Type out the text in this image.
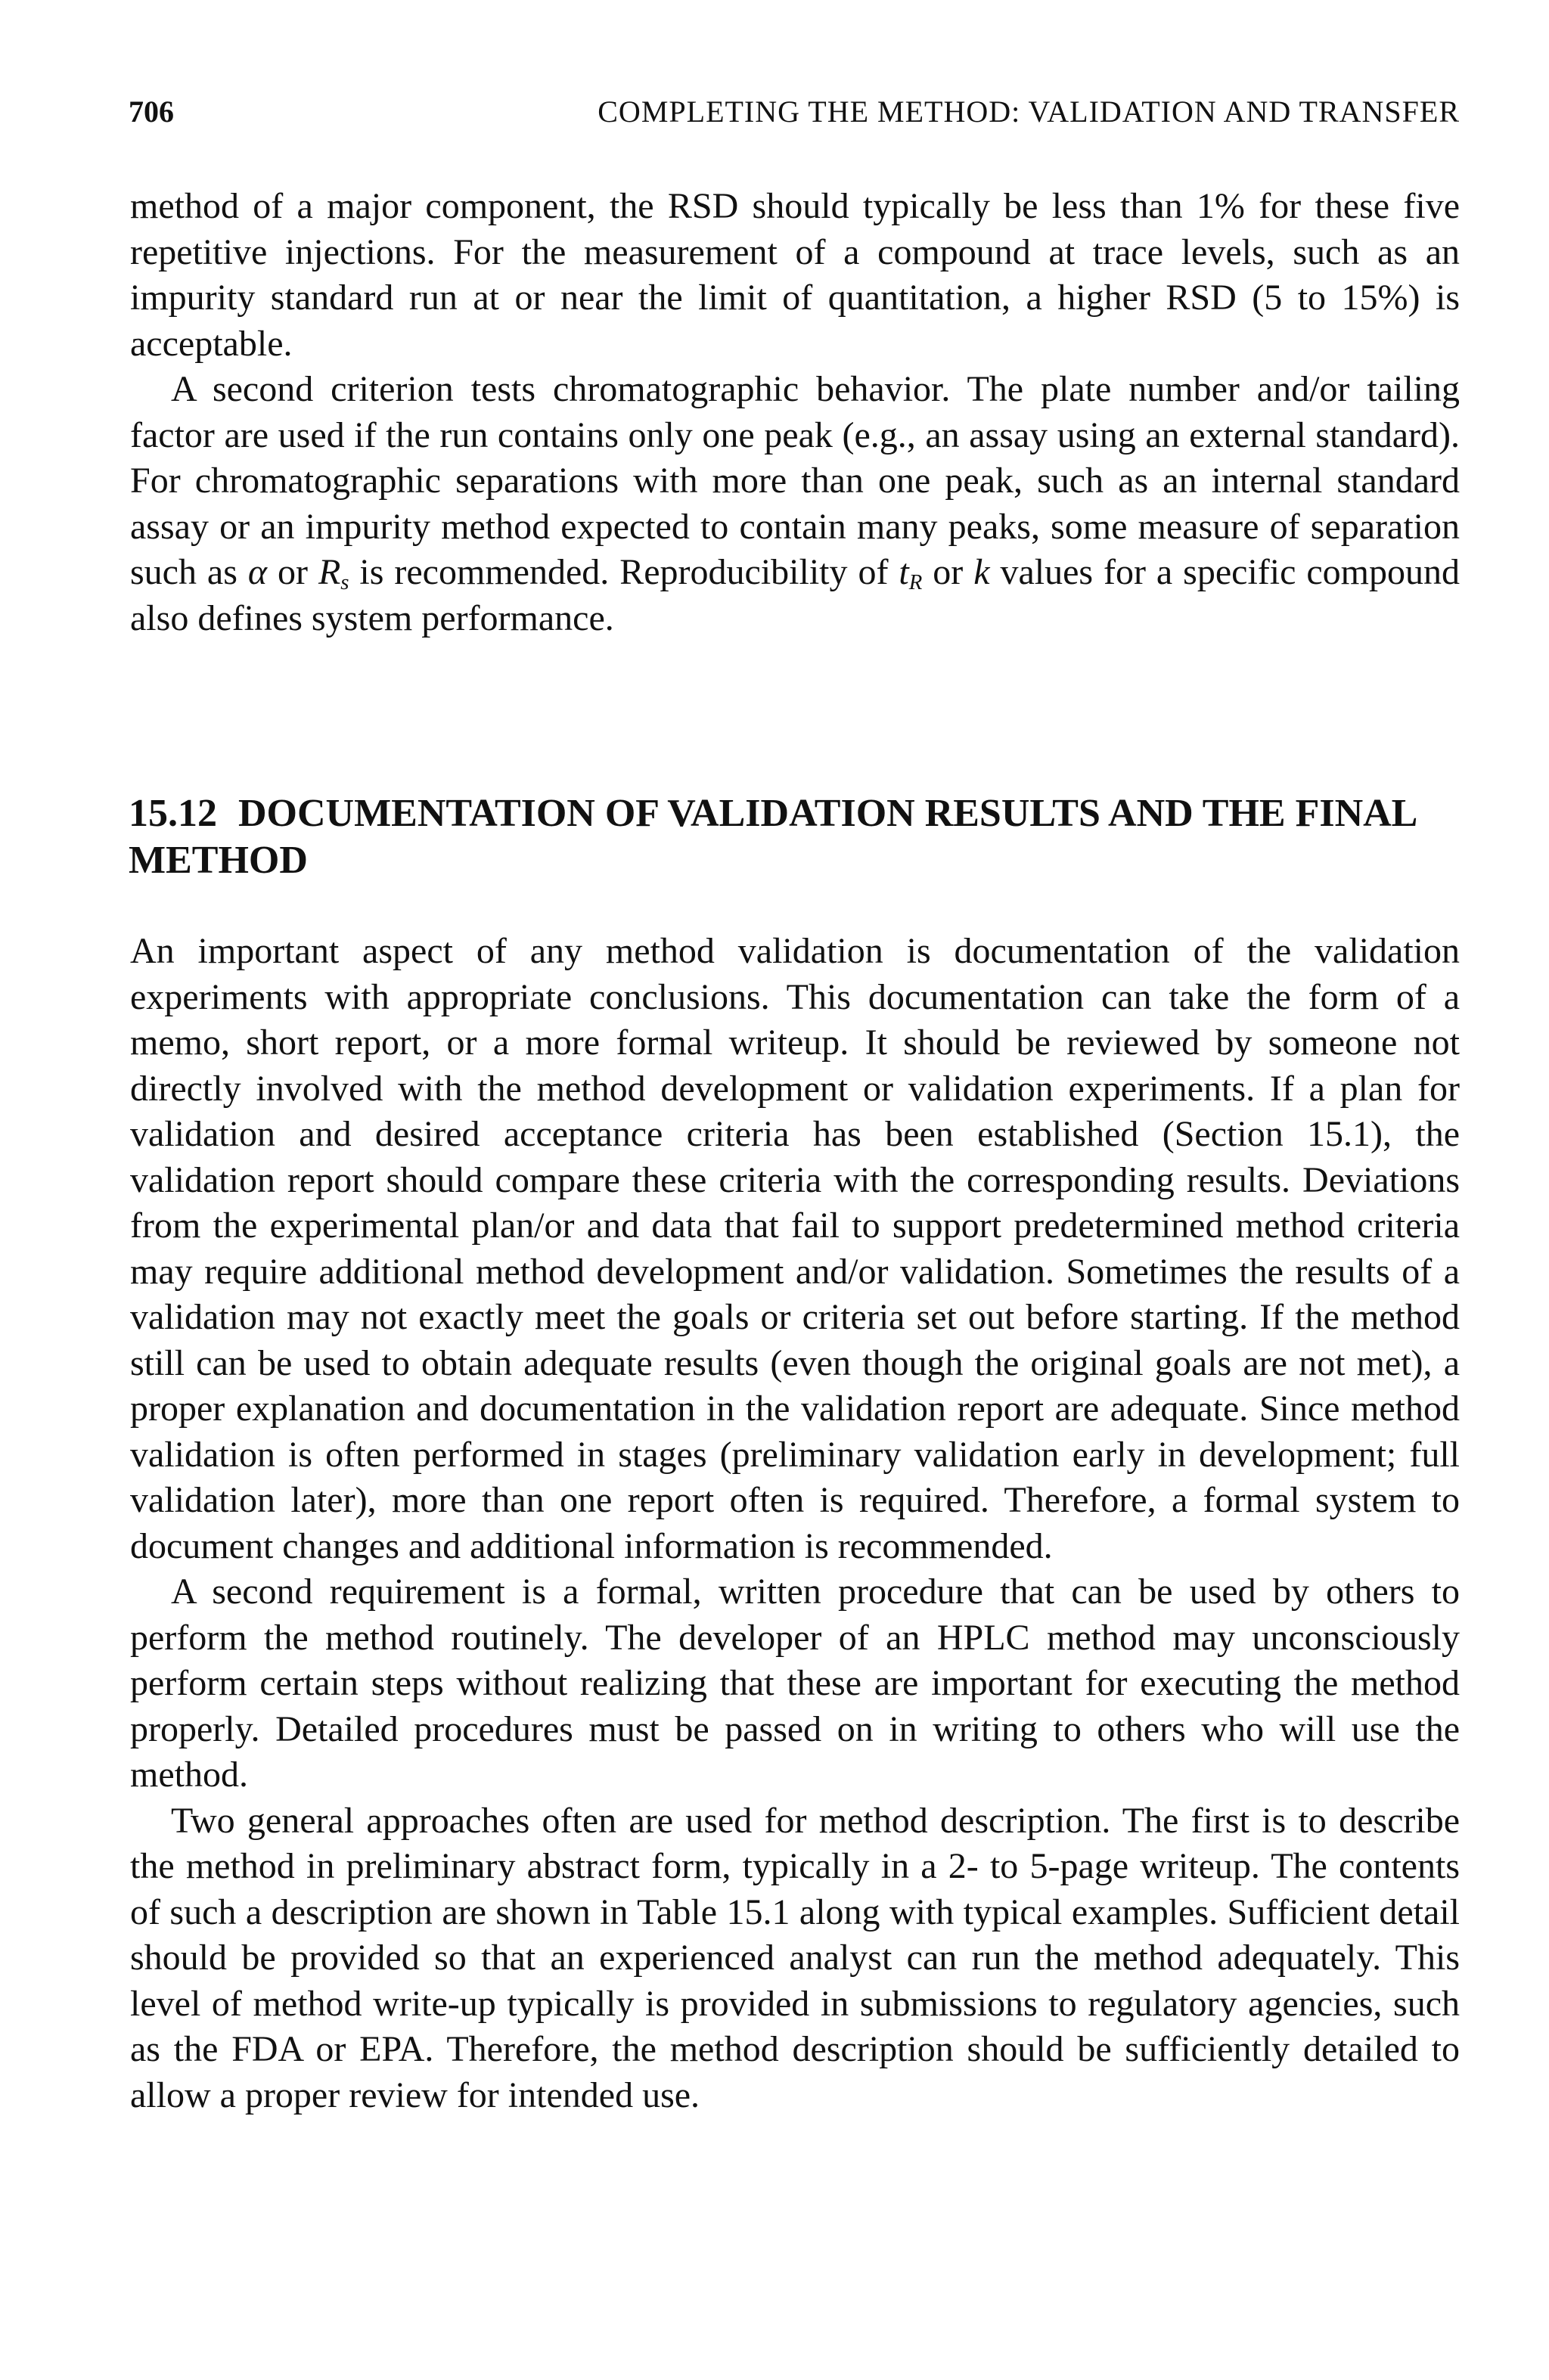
706	COMPLETING THE METHOD: VALIDATION AND TRANSFER

method of a major component, the RSD should typically be less than 1% for these five repetitive injections. For the measurement of a compound at trace levels, such as an impurity standard run at or near the limit of quantitation, a higher RSD (5 to 15%) is acceptable.

A second criterion tests chromatographic behavior. The plate number and/or tailing factor are used if the run contains only one peak (e.g., an assay using an external standard). For chromatographic separations with more than one peak, such as an internal standard assay or an impurity method expected to contain many peaks, some measure of separation such as α or $R_s$ is recommended. Reproducibility of $t_R$ or k values for a specific compound also defines system performance.

15.12 DOCUMENTATION OF VALIDATION RESULTS AND THE FINAL METHOD

An important aspect of any method validation is documentation of the validation experiments with appropriate conclusions. This documentation can take the form of a memo, short report, or a more formal writeup. It should be reviewed by someone not directly involved with the method development or validation experiments. If a plan for validation and desired acceptance criteria has been established (Section 15.1), the validation report should compare these criteria with the corresponding results. Deviations from the experimental plan/or and data that fail to support predetermined method criteria may require additional method development and/or validation. Sometimes the results of a validation may not exactly meet the goals or criteria set out before starting. If the method still can be used to obtain adequate results (even though the original goals are not met), a proper explanation and documentation in the validation report are adequate. Since method validation is often performed in stages (preliminary validation early in development; full validation later), more than one report often is required. Therefore, a formal system to document changes and additional information is recommended.

A second requirement is a formal, written procedure that can be used by others to perform the method routinely. The developer of an HPLC method may unconsciously perform certain steps without realizing that these are important for executing the method properly. Detailed procedures must be passed on in writing to others who will use the method.

Two general approaches often are used for method description. The first is to describe the method in preliminary abstract form, typically in a 2- to 5-page writeup. The contents of such a description are shown in Table 15.1 along with typical examples. Sufficient detail should be provided so that an experienced analyst can run the method adequately. This level of method write-up typically is provided in submissions to regulatory agencies, such as the FDA or EPA. Therefore, the method description should be sufficiently detailed to allow a proper review for intended use.
